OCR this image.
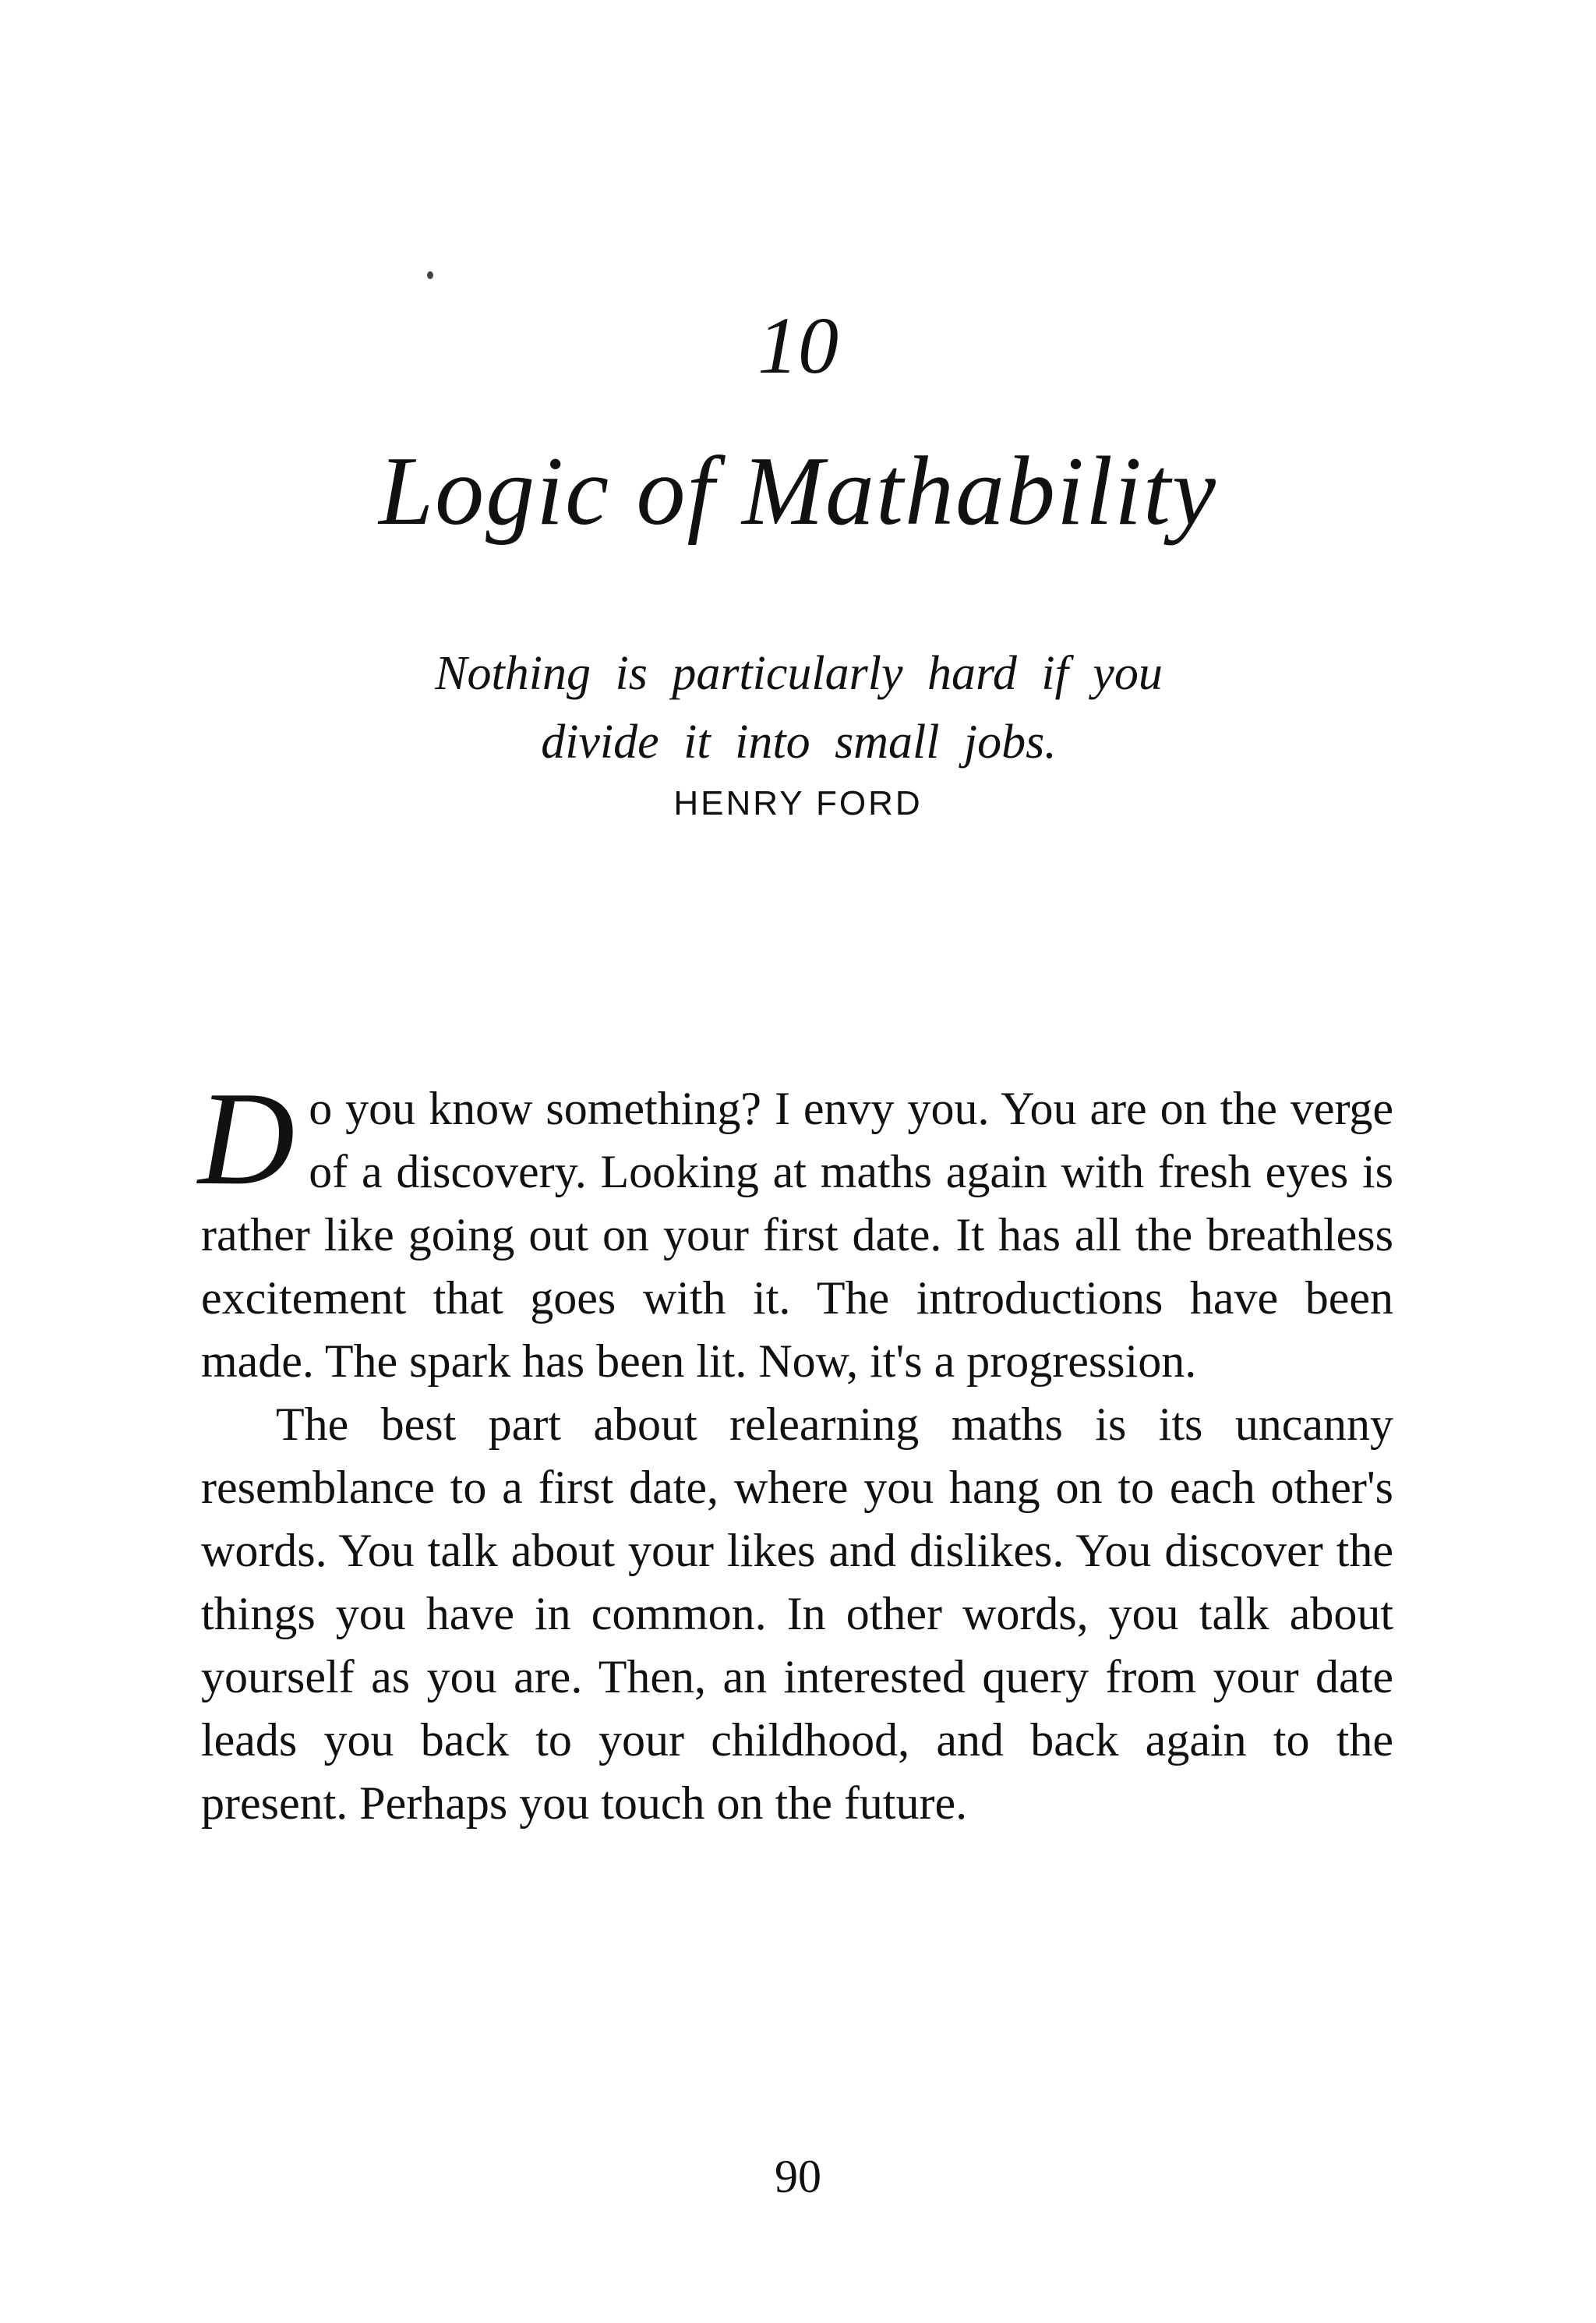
10
Logic of Mathability
Nothing is particularly hard if you
divide it into small jobs.
HENRY FORD

Do you know something? I envy you. You are on the verge of a discovery. Looking at maths again with fresh eyes is rather like going out on your first date. It has all the breathless excitement that goes with it. The introductions have been made. The spark has been lit. Now, it's a progression.

The best part about relearning maths is its uncanny resemblance to a first date, where you hang on to each other's words. You talk about your likes and dislikes. You discover the things you have in common. In other words, you talk about yourself as you are. Then, an interested query from your date leads you back to your childhood, and back again to the present. Perhaps you touch on the future.

90
